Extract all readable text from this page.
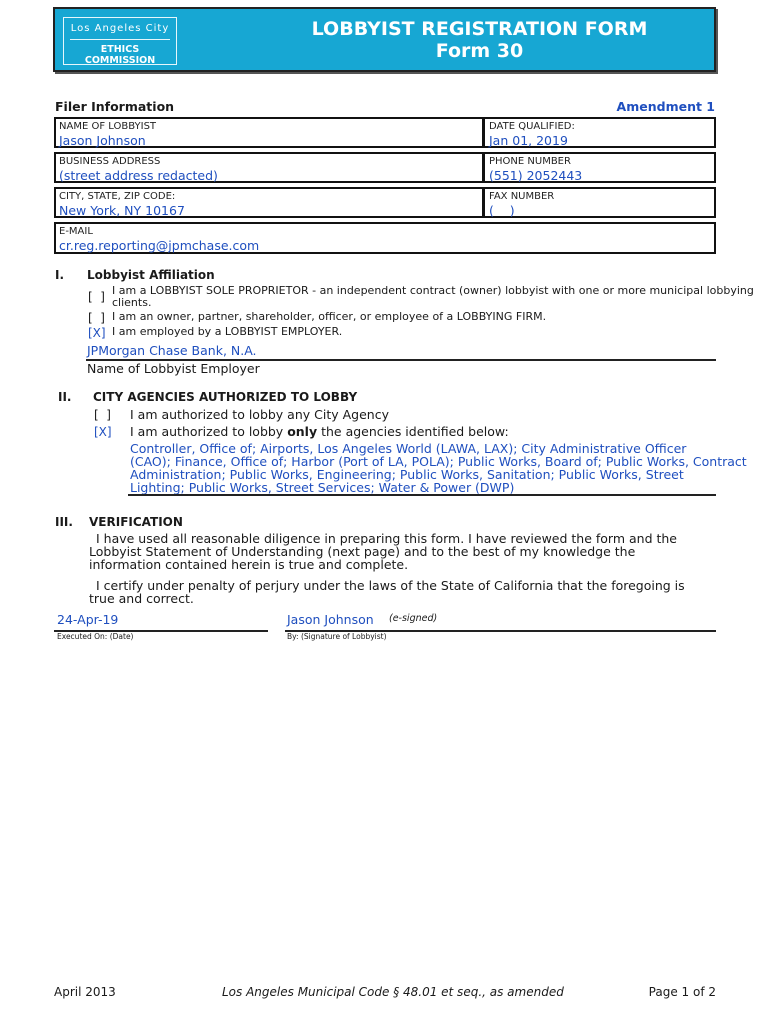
Los Angeles City
ETHICS COMMISSION
LOBBYIST REGISTRATION FORM
Form 30
Filer Information	Amendment 1
NAME OF LOBBYIST
Jason Johnson
DATE QUALIFIED:
Jan 01, 2019
BUSINESS ADDRESS
(street address redacted)
PHONE NUMBER
(551) 2052443
CITY, STATE, ZIP CODE:
New York, NY 10167
FAX NUMBER
(    )
E-MAIL
cr.reg.reporting@jpmchase.com
I. Lobbyist Affiliation
[  ] I am a LOBBYIST SOLE PROPRIETOR - an independent contract (owner) lobbyist with one or more municipal lobbying
clients.
[  ] I am an owner, partner, shareholder, officer, or employee of a LOBBYING FIRM.
[X] I am employed by a LOBBYIST EMPLOYER.
JPMorgan Chase Bank, N.A.
Name of Lobbyist Employer
II. CITY AGENCIES AUTHORIZED TO LOBBY
[  ] I am authorized to lobby any City Agency
[X] I am authorized to lobby only the agencies identified below:
Controller, Office of; Airports, Los Angeles World (LAWA, LAX); City Administrative Officer
(CAO); Finance, Office of; Harbor (Port of LA, POLA); Public Works, Board of; Public Works, Contract
Administration; Public Works, Engineering; Public Works, Sanitation; Public Works, Street
Lighting; Public Works, Street Services; Water & Power (DWP)
III. VERIFICATION
I have used all reasonable diligence in preparing this form. I have reviewed the form and the
Lobbyist Statement of Understanding (next page) and to the best of my knowledge the
information contained herein is true and complete.
I certify under penalty of perjury under the laws of the State of California that the foregoing is
true and correct.
24-Apr-19	Jason Johnson (e-signed)
Executed On: (Date)	By: (Signature of Lobbyist)
April 2013	Los Angeles Municipal Code § 48.01 et seq., as amended	Page 1 of 2
